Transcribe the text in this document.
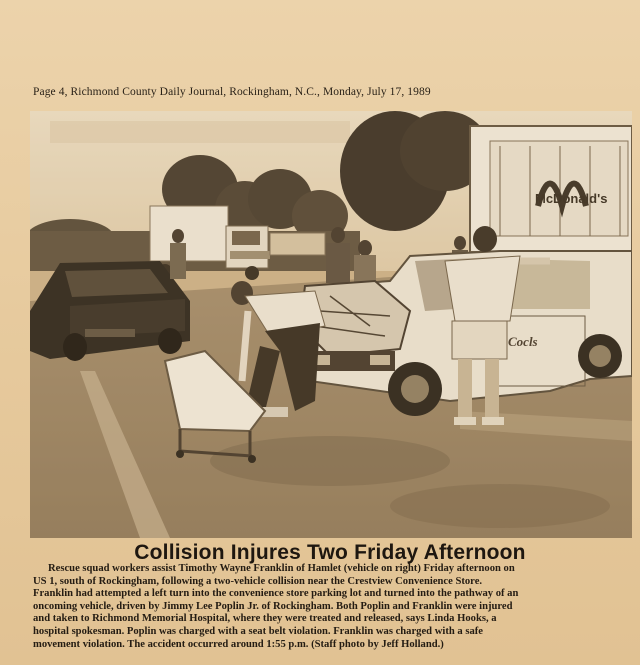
Page 4, Richmond County Daily Journal, Rockingham, N.C., Monday, July 17, 1989
McDonald's
Cocls
Collision Injures Two Friday Afternoon
Rescue squad workers assist Timothy Wayne Franklin of Hamlet (vehicle on right) Friday afternoon on
US 1, south of Rockingham, following a two-vehicle collision near the Crestview Convenience Store.
Franklin had attempted a left turn into the convenience store parking lot and turned into the pathway of an
oncoming vehicle, driven by Jimmy Lee Poplin Jr. of Rockingham. Both Poplin and Franklin were injured
and taken to Richmond Memorial Hospital, where they were treated and released, says Linda Hooks, a
hospital spokesman. Poplin was charged with a seat belt violation. Franklin was charged with a safe
movement violation. The accident occurred around 1:55 p.m. (Staff photo by Jeff Holland.)
